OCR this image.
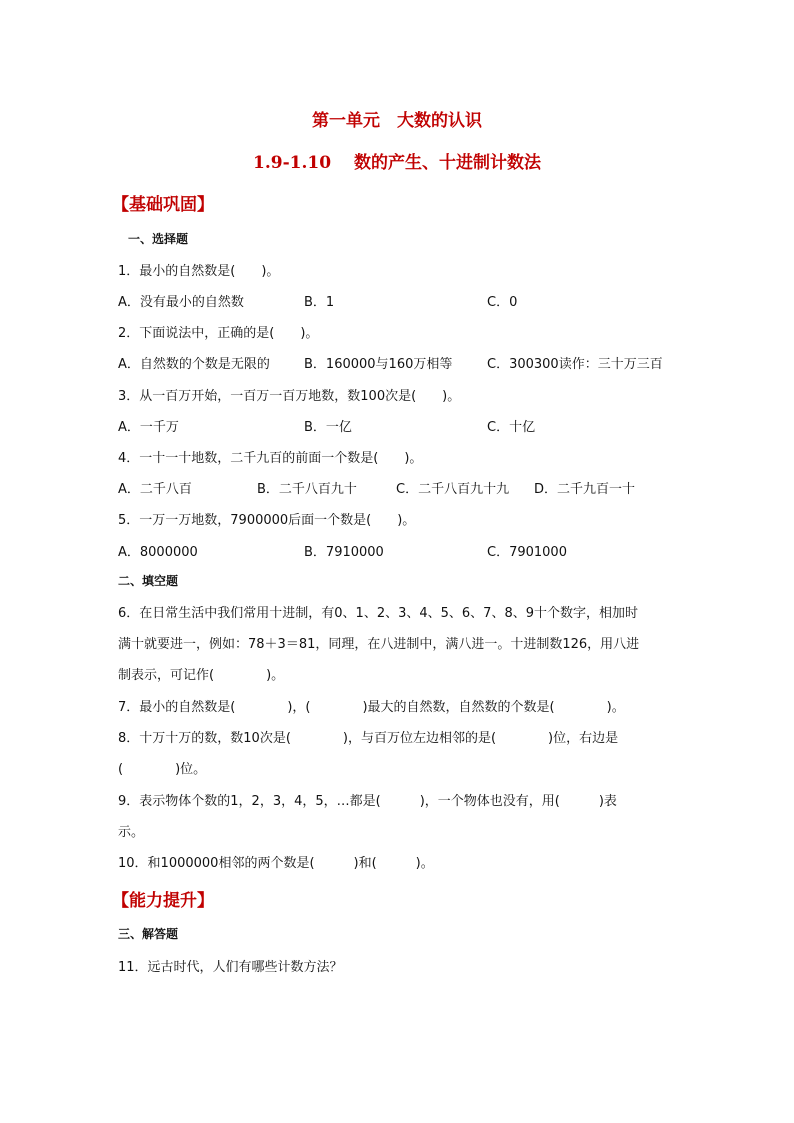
第一单元　大数的认识
1.9-1.10　 数的产生、十进制计数法
【基础巩固】
一、选择题
1．最小的自然数是(　　)。
A．没有最小的自然数	B．1	C．0
2．下面说法中，正确的是(　　)。
A．自然数的个数是无限的	B．160000与160万相等	C．300300读作：三十万三百
3．从一百万开始，一百万一百万地数，数100次是(　　)。
A．一千万	B．一亿	C．十亿
4．一十一十地数，二千九百的前面一个数是(　　)。
A．二千八百	B．二千八百九十	C．二千八百九十九 D．二千九百一十
5．一万一万地数，7900000后面一个数是(　　)。
A．8000000	B．7910000	C．7901000
二、填空题
6．在日常生活中我们常用十进制，有0、1、2、3、4、5、6、7、8、9十个数字，相加时
满十就要进一，例如：78＋3＝81，同理，在八进制中，满八进一。十进制数126，用八进
制表示，可记作(　　　　)。
7．最小的自然数是(　　　　)，(　　　　)最大的自然数，自然数的个数是(　　　　)。
8．十万十万的数，数10次是(　　　　)，与百万位左边相邻的是(　　　　)位，右边是
(　　　　)位。
9．表示物体个数的1，2，3，4，5，…都是(　　　)，一个物体也没有，用(　　　)表
示。
10．和1000000相邻的两个数是(　　　)和(　　　)。
【能力提升】
三、解答题
11．远古时代，人们有哪些计数方法？
